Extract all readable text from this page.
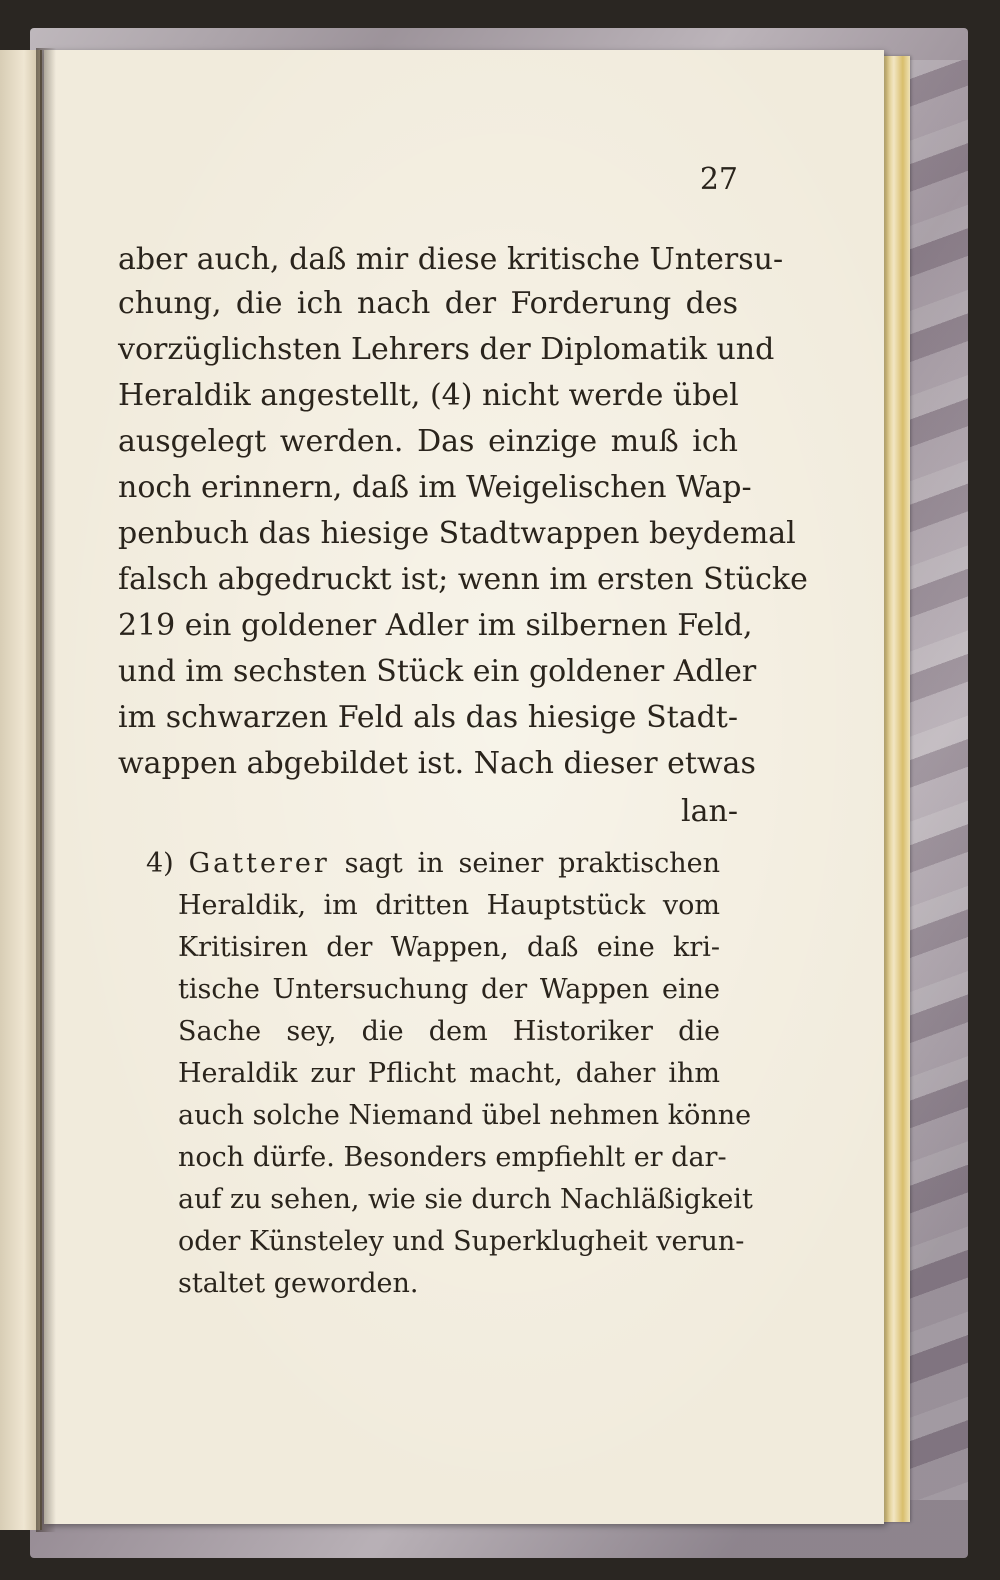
27
aber auch, daß mir diese kritische Untersu-
chung, die ich nach der Forderung des
vorzüglichsten Lehrers der Diplomatik und
Heraldik angestellt, (4) nicht werde übel
ausgelegt werden. Das einzige muß ich
noch erinnern, daß im Weigelischen Wap-
penbuch das hiesige Stadtwappen beydemal
falsch abgedruckt ist; wenn im ersten Stücke
219 ein goldener Adler im silbernen Feld,
und im sechsten Stück ein goldener Adler
im schwarzen Feld als das hiesige Stadt-
wappen abgebildet ist. Nach dieser etwas
lan-
4) Gatterer sagt in seiner praktischen
Heraldik, im dritten Hauptstück vom
Kritisiren der Wappen, daß eine kri-
tische Untersuchung der Wappen eine
Sache sey, die dem Historiker die
Heraldik zur Pflicht macht, daher ihm
auch solche Niemand übel nehmen könne
noch dürfe. Besonders empfiehlt er dar-
auf zu sehen, wie sie durch Nachläßigkeit
oder Künsteley und Superklugheit verun-
staltet geworden.
